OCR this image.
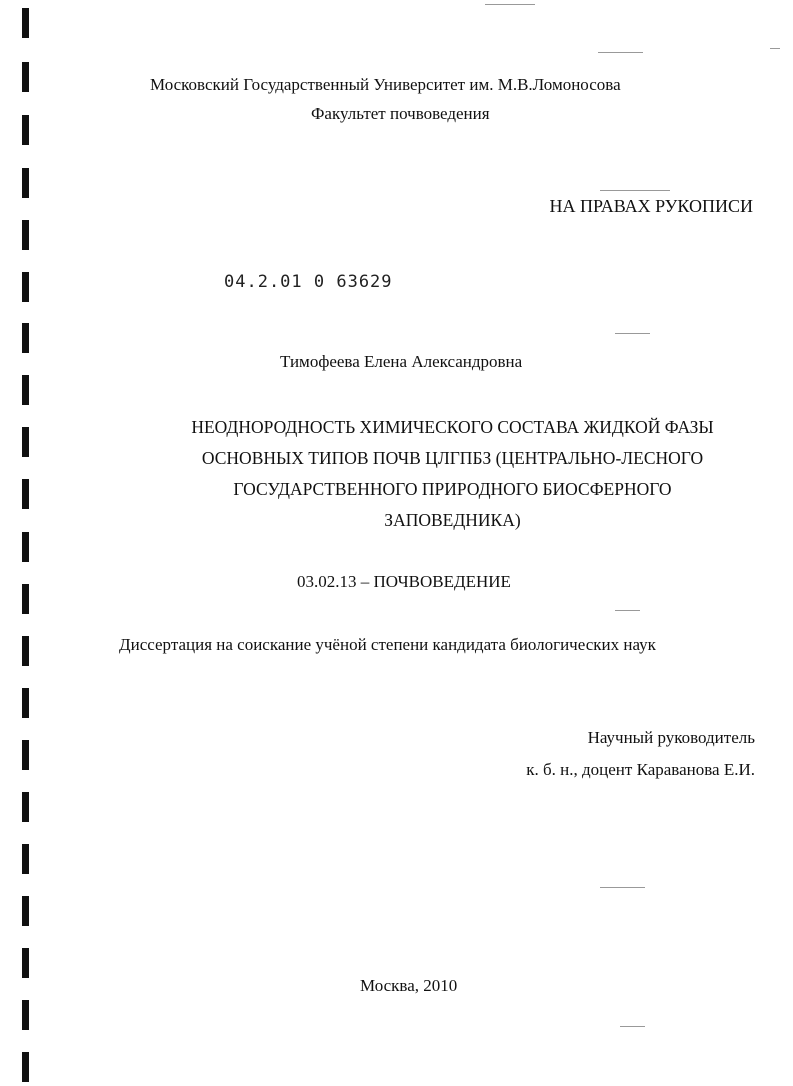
Московский Государственный Университет им. М.В.Ломоносова
Факультет почвоведения
НА ПРАВАХ РУКОПИСИ
04.2.01 0 63629
Тимофеева Елена Александровна
НЕОДНОРОДНОСТЬ ХИМИЧЕСКОГО СОСТАВА ЖИДКОЙ ФАЗЫ
ОСНОВНЫХ ТИПОВ ПОЧВ ЦЛГПБЗ (ЦЕНТРАЛЬНО-ЛЕСНОГО
ГОСУДАРСТВЕННОГО ПРИРОДНОГО БИОСФЕРНОГО
ЗАПОВЕДНИКА)
03.02.13 – ПОЧВОВЕДЕНИЕ
Диссертация на соискание учёной степени кандидата биологических наук
Научный руководитель
к. б. н., доцент Караванова Е.И.
Москва, 2010
